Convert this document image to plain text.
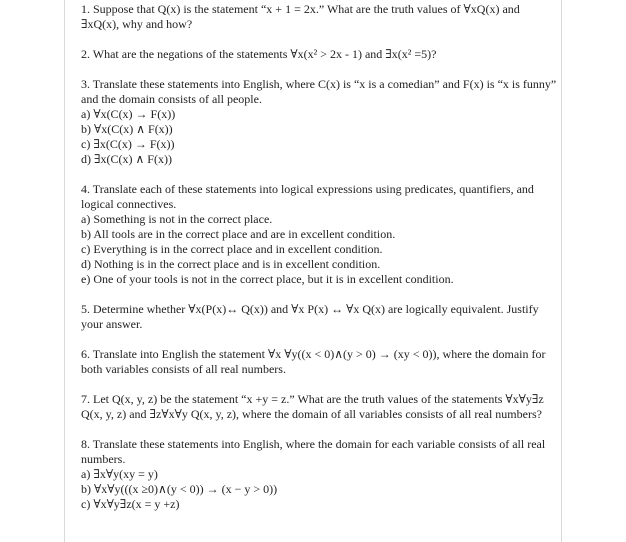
1. Suppose that Q(x) is the statement “x + 1 = 2x.” What are the truth values of ∀xQ(x) and ∃xQ(x), why and how?

2. What are the negations of the statements ∀x(x² > 2x - 1) and ∃x(x² =5)?

3. Translate these statements into English, where C(x) is “x is a comedian” and F(x) is “x is funny” and the domain consists of all people.

a) ∀x(C(x) → F(x))

b) ∀x(C(x) ∧ F(x))

c) ∃x(C(x) → F(x))

d) ∃x(C(x) ∧ F(x))

4. Translate each of these statements into logical expressions using predicates, quantifiers, and logical connectives.

a) Something is not in the correct place.

b) All tools are in the correct place and are in excellent condition.

c) Everything is in the correct place and in excellent condition.

d) Nothing is in the correct place and is in excellent condition.

e) One of your tools is not in the correct place, but it is in excellent condition.

5. Determine whether ∀x(P(x)↔ Q(x)) and ∀x P(x) ↔ ∀x Q(x) are logically equivalent. Justify your answer.

6. Translate into English the statement ∀x ∀y((x < 0)∧(y > 0) → (xy < 0)), where the domain for both variables consists of all real numbers.

7. Let Q(x, y, z) be the statement “x +y = z.” What are the truth values of the statements ∀x∀y∃z Q(x, y, z) and ∃z∀x∀y Q(x, y, z), where the domain of all variables consists of all real numbers?

8. Translate these statements into English, where the domain for each variable consists of all real numbers.

a) ∃x∀y(xy = y)

b) ∀x∀y(((x ≥0)∧(y < 0)) → (x − y > 0))

c) ∀x∀y∃z(x = y +z)
